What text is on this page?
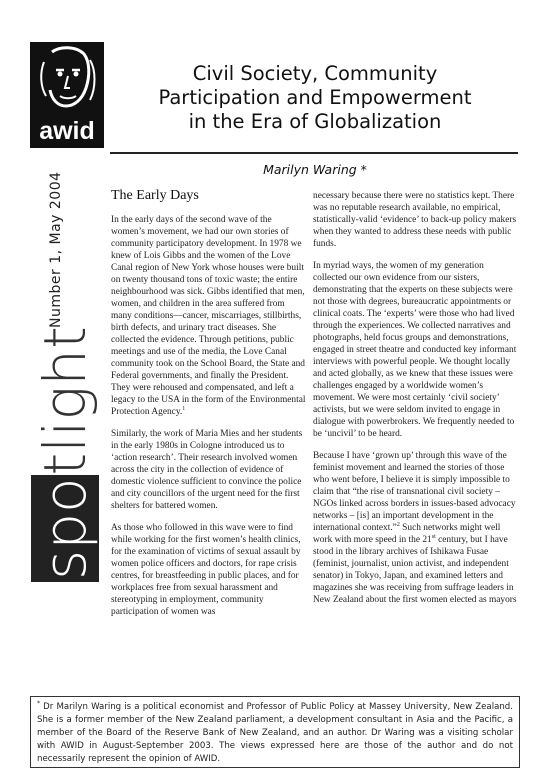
awid
Civil Society, Community
Participation and Empowerment
in the Era of Globalization
Marilyn Waring *
Number 1, May 2004
spotlight
The Early Days

In the early days of the second wave of the women’s movement, we had our own stories of community participatory development. In 1978 we knew of Lois Gibbs and the women of the Love Canal region of New York whose houses were built on twenty thousand tons of toxic waste; the entire neighbourhood was sick. Gibbs identified that men, women, and children in the area suffered from many conditions—cancer, miscarriages, stillbirths, birth defects, and urinary tract diseases. She collected the evidence. Through petitions, public meetings and use of the media, the Love Canal community took on the School Board, the State and Federal governments, and finally the President. They were rehoused and compensated, and left a legacy to the USA in the form of the Environmental Protection Agency.$^1$

Similarly, the work of Maria Mies and her students in the early 1980s in Cologne introduced us to ‘action research’. Their research involved women across the city in the collection of evidence of domestic violence sufficient to convince the police and city councillors of the urgent need for the first shelters for battered women.

As those who followed in this wave were to find while working for the first women’s health clinics, for the examination of victims of sexual assault by women police officers and doctors, for rape crisis centres, for breastfeeding in public places, and for workplaces free from sexual harassment and stereotyping in employment, community participation of women was

necessary because there were no statistics kept. There was no reputable research available, no empirical, statistically-valid ‘evidence’ to back-up policy makers when they wanted to address these needs with public funds.

In myriad ways, the women of my generation collected our own evidence from our sisters, demonstrating that the experts on these subjects were not those with degrees, bureaucratic appointments or clinical coats. The ‘experts’ were those who had lived through the experiences. We collected narratives and photographs, held focus groups and demonstrations, engaged in street theatre and conducted key informant interviews with powerful people. We thought locally and acted globally, as we knew that these issues were challenges engaged by a worldwide women’s movement. We were most certainly ‘civil society’ activists, but we were seldom invited to engage in dialogue with powerbrokers. We frequently needed to be ‘uncivil’ to be heard.

Because I have ‘grown up’ through this wave of the feminist movement and learned the stories of those who went before, I believe it is simply impossible to claim that “the rise of transnational civil society – NGOs linked across borders in issues-based advocacy networks – [is] an important development in the international context.”$^2$ Such networks might well work with more speed in the 21st century, but I have stood in the library archives of Ishikawa Fusae (feminist, journalist, union activist, and independent senator) in Tokyo, Japan, and examined letters and magazines she was receiving from suffrage leaders in New Zealand about the first women elected as mayors

* Dr Marilyn Waring is a political economist and Professor of Public Policy at Massey University, New Zealand. She is a former member of the New Zealand parliament, a development consultant in Asia and the Pacific, a member of the Board of the Reserve Bank of New Zealand, and an author. Dr Waring was a visiting scholar with AWID in August-September 2003. The views expressed here are those of the author and do not necessarily represent the opinion of AWID.
